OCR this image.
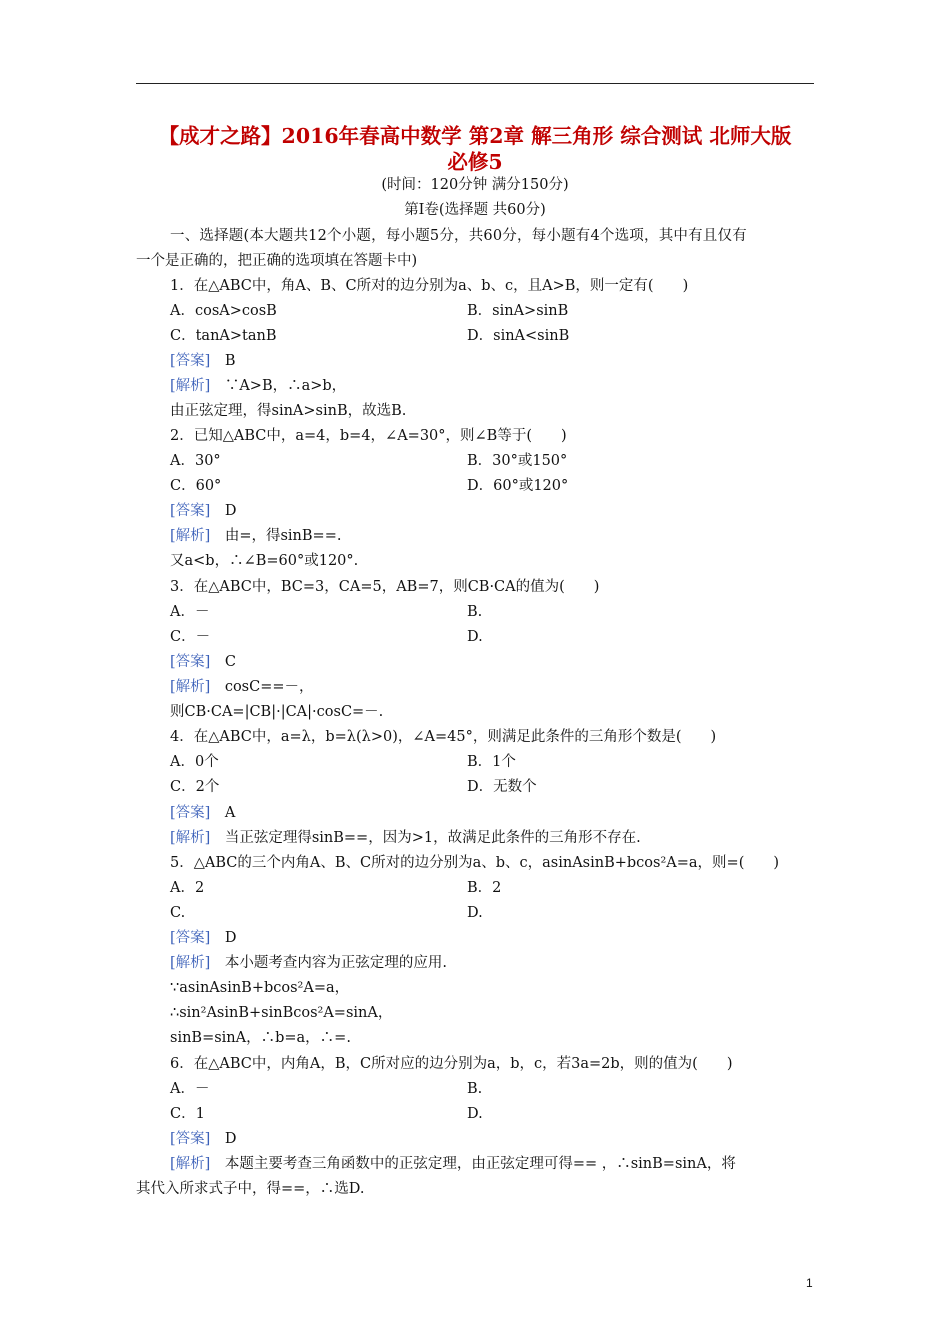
【成才之路】2016年春高中数学 第2章 解三角形 综合测试 北师大版
必修5
(时间：120分钟 满分150分)
第Ⅰ卷(选择题 共60分)
一、选择题(本大题共12个小题，每小题5分，共60分，每小题有4个选项，其中有且仅有
一个是正确的，把正确的选项填在答题卡中)
1．在△ABC中，角A、B、C所对的边分别为a、b、c，且A>B，则一定有(　　)
A．cosA>cosB	B．sinA>sinB
C．tanA>tanB	D．sinA<sinB
[答案]　 B
[解析]　 ∵A>B，∴a>b，
由正弦定理，得sinA>sinB，故选B.
2．已知△ABC中，a=4，b=4，∠A=30°，则∠B等于(　　)
A．30°	B．30°或150°
C．60°	D．60°或120°
[答案]　 D
[解析]　 由=，得sinB==.
又a<b，∴∠B=60°或120°.
3．在△ABC中，BC=3，CA=5，AB=7，则CB·CA的值为(　　)
A．－	B.
C．－	D.
[答案]　 C
[解析]　 cosC==－，
则CB·CA=|CB|·|CA|·cosC=－.
4．在△ABC中，a=λ，b=λ(λ>0)，∠A=45°，则满足此条件的三角形个数是(　　)
A．0个	B．1个
C．2个	D．无数个
[答案]　 A
[解析]　 当正弦定理得sinB==，因为>1，故满足此条件的三角形不存在.
5．△ABC的三个内角A、B、C所对的边分别为a、b、c，asinAsinB+bcos²A=a，则=(　　)
A．2	B．2
C.	D.
[答案]　 D
[解析]　 本小题考查内容为正弦定理的应用.
∵asinAsinB+bcos²A=a，
∴sin²AsinB+sinBcos²A=sinA，
sinB=sinA，∴b=a，∴=.
6．在△ABC中，内角A，B，C所对应的边分别为a，b，c，若3a=2b，则的值为(　　)
A．－	B.
C．1	D.
[答案]　 D
[解析]　 本题主要考查三角函数中的正弦定理，由正弦定理可得== ，∴sinB=sinA，将
其代入所求式子中，得==，∴选D.
1
